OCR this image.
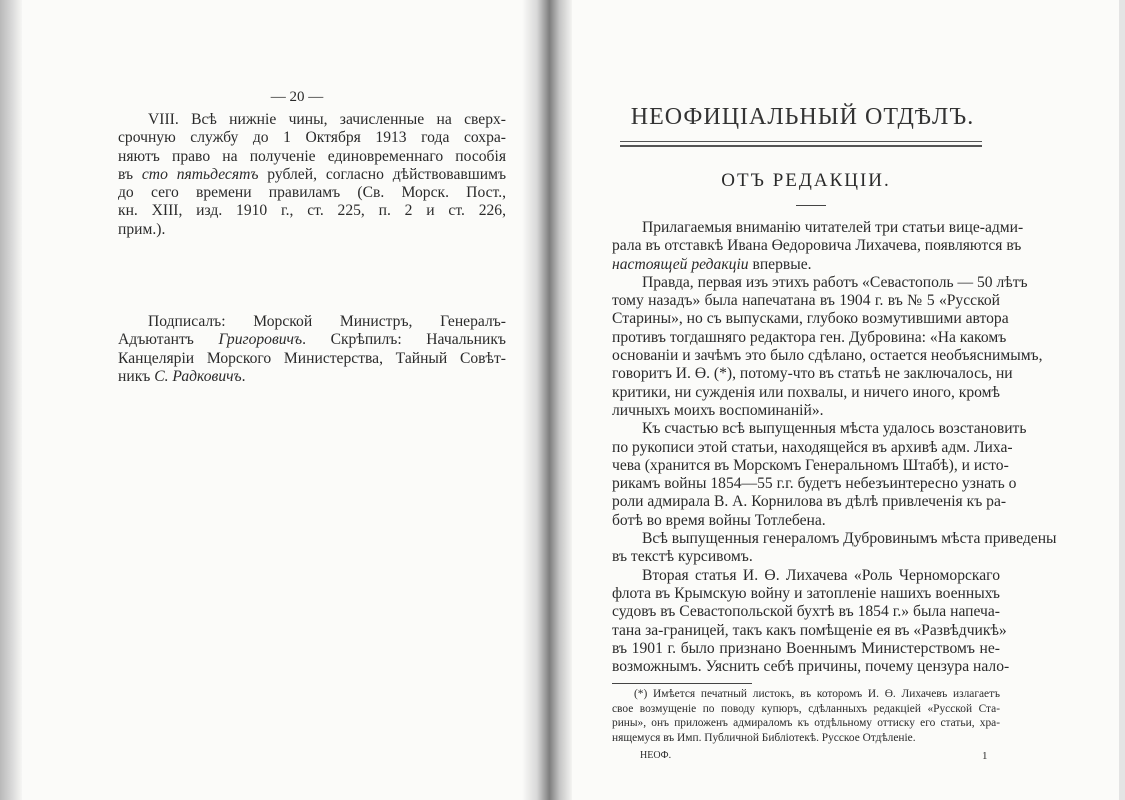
— 20 —
VIII. Всѣ нижніе чины, зачисленные на сверх-
срочную службу до 1 Октября 1913 года сохра-
няютъ право на полученіе единовременнаго пособія
въ сто пятьдесятъ рублей, согласно дѣйствовавшимъ
до сего времени правиламъ (Св. Морск. Пост.,
кн. XIII, изд. 1910 г., ст. 225, п. 2 и ст. 226,
прим.).
Подписалъ: Морской Министръ, Генералъ-
Адъютантъ Григоровичъ. Скрѣпилъ: Начальникъ
Канцеляріи Морского Министерства, Тайный Совѣт-
никъ С. Радковичъ.
НЕОФИЦІАЛЬНЫЙ ОТДѢЛЪ.
ОТЪ РЕДАКЦІИ.
Прилагаемыя вниманію читателей три статьи вице-адми-
рала въ отставкѣ Ивана Өедоровича Лихачева, появляются въ
настоящей редакціи впервые.
Правда, первая изъ этихъ работъ «Севастополь — 50 лѣтъ
тому назадъ» была напечатана въ 1904 г. въ № 5 «Русской
Старины», но съ выпусками, глубоко возмутившими автора
противъ тогдашняго редактора ген. Дубровина: «На какомъ
основаніи и зачѣмъ это было сдѣлано, остается необъяснимымъ,
говоритъ И. Ө. (*), потому-что въ статьѣ не заключалось, ни
критики, ни сужденія или похвалы, и ничего иного, кромѣ
личныхъ моихъ воспоминаній».
Къ счастью всѣ выпущенныя мѣста удалось возстановить
по рукописи этой статьи, находящейся въ архивѣ адм. Лиха-
чева (хранится въ Морскомъ Генеральномъ Штабѣ), и исто-
рикамъ войны 1854—55 г.г. будетъ небезъинтересно узнать о
роли адмирала В. А. Корнилова въ дѣлѣ привлеченія къ ра-
ботѣ во время войны Тотлебена.
Всѣ выпущенныя генераломъ Дубровинымъ мѣста приведены
въ текстѣ курсивомъ.
Вторая статья И. Ө. Лихачева «Роль Черноморскаго
флота въ Крымскую войну и затопленіе нашихъ военныхъ
судовъ въ Севастопольской бухтѣ въ 1854 г.» была напеча-
тана за-границей, такъ какъ помѣщеніе ея въ «Развѣдчикѣ»
въ 1901 г. было признано Военнымъ Министерствомъ не-
возможнымъ. Уяснить себѣ причины, почему цензура нало-
(*) Имѣется печатный листокъ, въ которомъ И. Ө. Лихачевъ излагаетъ
свое возмущеніе по поводу купюръ, сдѣланныхъ редакціей «Русской Ста-
рины», онъ приложенъ адмираломъ къ отдѣльному оттиску его статьи, хра-
нящемуся въ Имп. Публичной Библіотекѣ. Русское Отдѣленіе.
НЕОФ.	1
